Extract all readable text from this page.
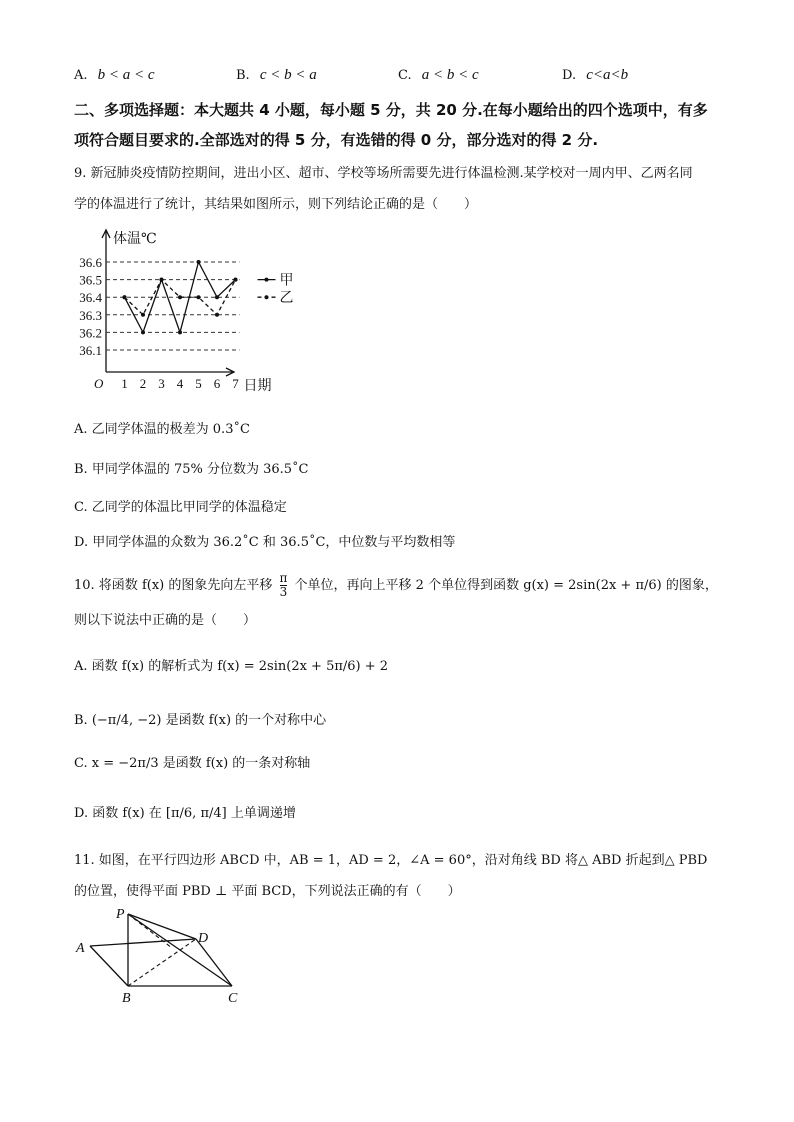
A. b < a < c	B. c < b < a	C. a < b < c	D. c<a<b
二、多项选择题：本大题共 4 小题，每小题 5 分，共 20 分.在每小题给出的四个选项中，有多
项符合题目要求的.全部选对的得 5 分，有选错的得 0 分，部分选对的得 2 分.
9. 新冠肺炎疫情防控期间，进出小区、超市、学校等场所需要先进行体温检测.某学校对一周内甲、乙两名同
学的体温进行了统计，其结果如图所示，则下列结论正确的是（　　）
36.1
36.2
36.3
36.4
36.5
36.6
1 2 3 4 5 6 7
O
体温℃
日期
甲
乙
A. 乙同学体温的极差为 0.3˚C
B. 甲同学体温的 75% 分位数为 36.5˚C
C. 乙同学的体温比甲同学的体温稳定
D. 甲同学体温的众数为 36.2˚C 和 36.5˚C，中位数与平均数相等
10. 将函数 f(x) 的图象先向左平移 $\frac{\pi}{3}$ 个单位，再向上平移 2 个单位得到函数 g(x) = 2sin(2x + π/6) 的图象，
则以下说法中正确的是（　　）
A. 函数 f(x) 的解析式为 f(x) = 2sin(2x + 5π/6) + 2
B. (−π/4, −2) 是函数 f(x) 的一个对称中心
C. x = −2π/3 是函数 f(x) 的一条对称轴
D. 函数 f(x) 在 [π/6, π/4] 上单调递增
11. 如图，在平行四边形 ABCD 中，AB = 1，AD = 2，∠A = 60°，沿对角线 BD 将△ ABD 折起到△ PBD
的位置，使得平面 PBD ⊥ 平面 BCD，下列说法正确的有（　　）
P
A
D
B	C
